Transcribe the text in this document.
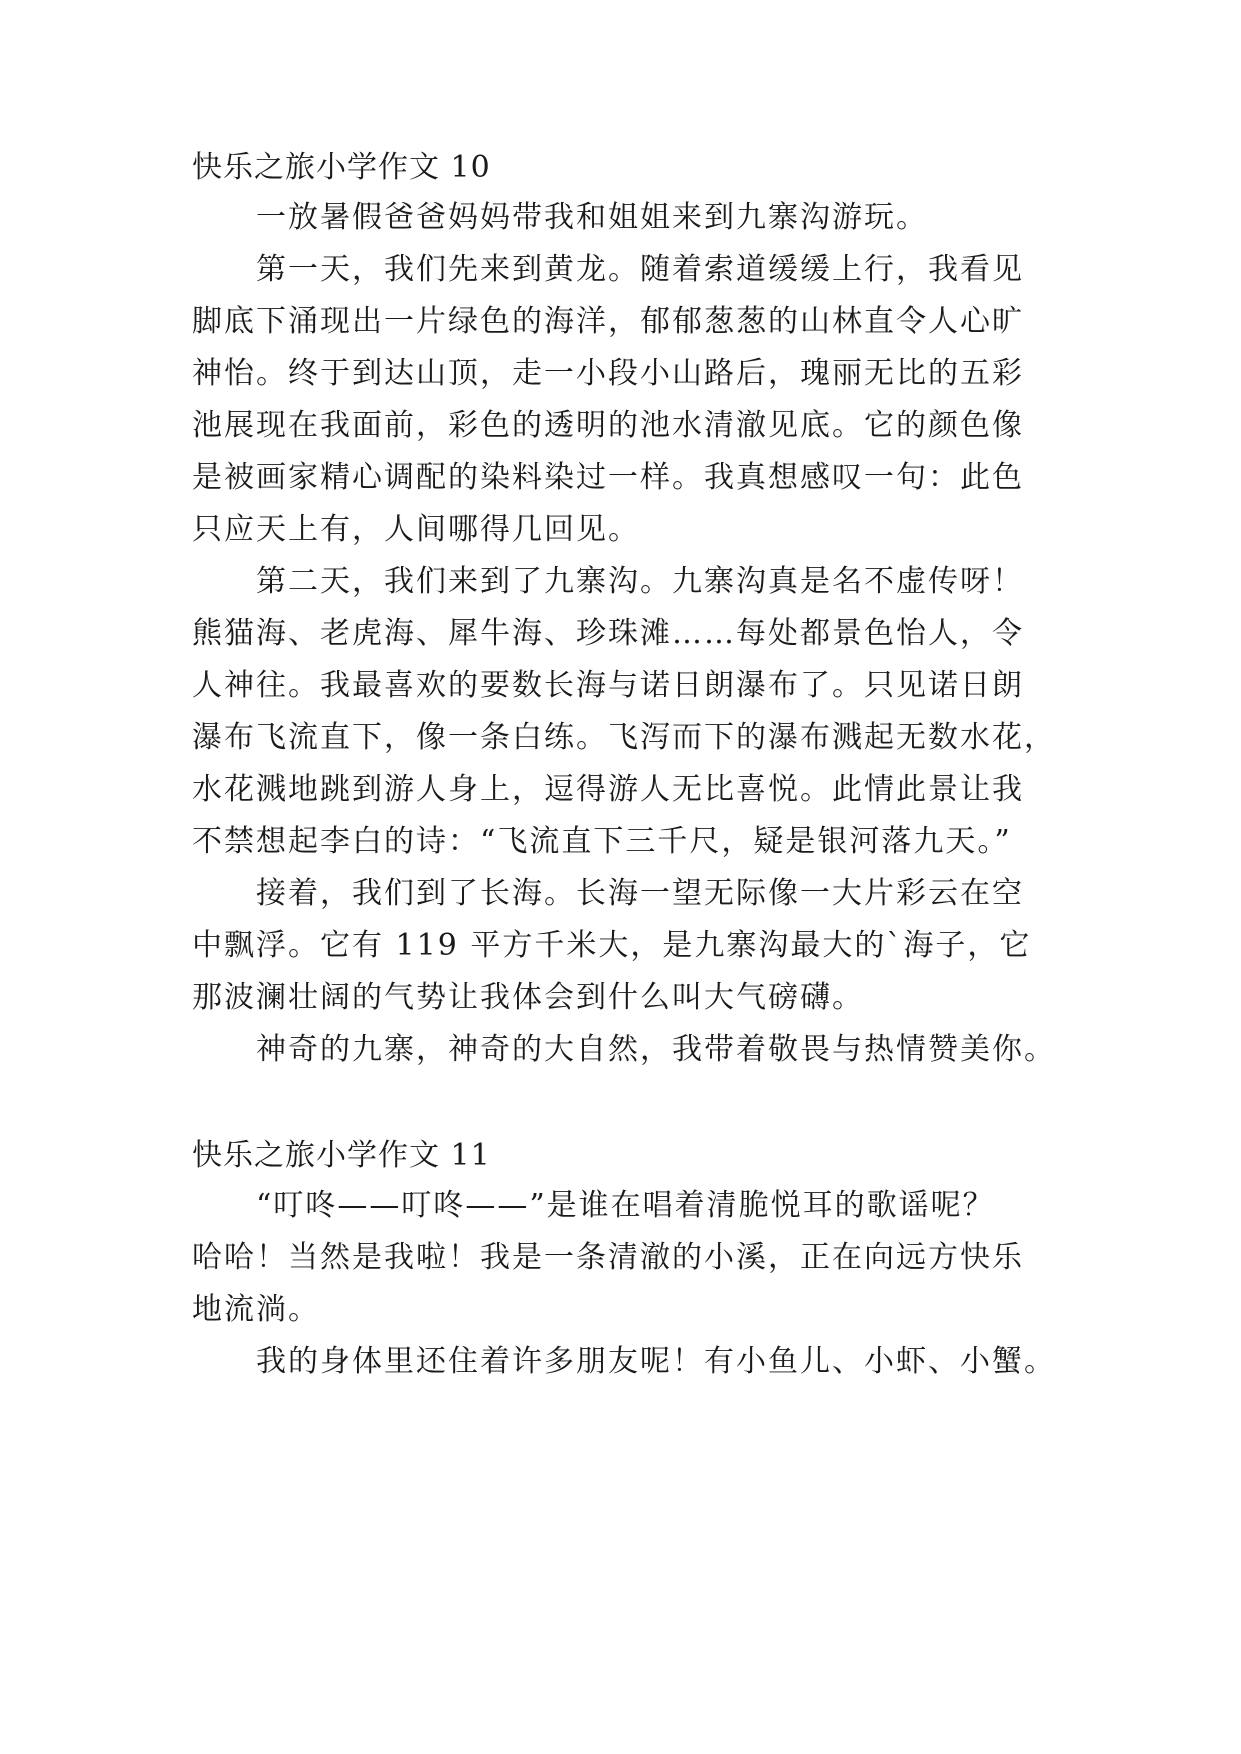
快乐之旅小学作文 10
一放暑假爸爸妈妈带我和姐姐来到九寨沟游玩。
第一天，我们先来到黄龙。随着索道缓缓上行，我看见
脚底下涌现出一片绿色的海洋，郁郁葱葱的山林直令人心旷
神怡。终于到达山顶，走一小段小山路后，瑰丽无比的五彩
池展现在我面前，彩色的透明的池水清澈见底。它的颜色像
是被画家精心调配的染料染过一样。我真想感叹一句：此色
只应天上有，人间哪得几回见。
第二天，我们来到了九寨沟。九寨沟真是名不虚传呀！
熊猫海、老虎海、犀牛海、珍珠滩……每处都景色怡人，令
人神往。我最喜欢的要数长海与诺日朗瀑布了。只见诺日朗
瀑布飞流直下，像一条白练。飞泻而下的瀑布溅起无数水花，
水花溅地跳到游人身上，逗得游人无比喜悦。此情此景让我
不禁想起李白的诗：“飞流直下三千尺，疑是银河落九天。”
接着，我们到了长海。长海一望无际像一大片彩云在空
中飘浮。它有 119 平方千米大，是九寨沟最大的`海子，它
那波澜壮阔的气势让我体会到什么叫大气磅礴。
神奇的九寨，神奇的大自然，我带着敬畏与热情赞美你。
快乐之旅小学作文 11
“叮咚——叮咚——”是谁在唱着清脆悦耳的歌谣呢？
哈哈！当然是我啦！我是一条清澈的小溪，正在向远方快乐
地流淌。
我的身体里还住着许多朋友呢！有小鱼儿、小虾、小蟹。
